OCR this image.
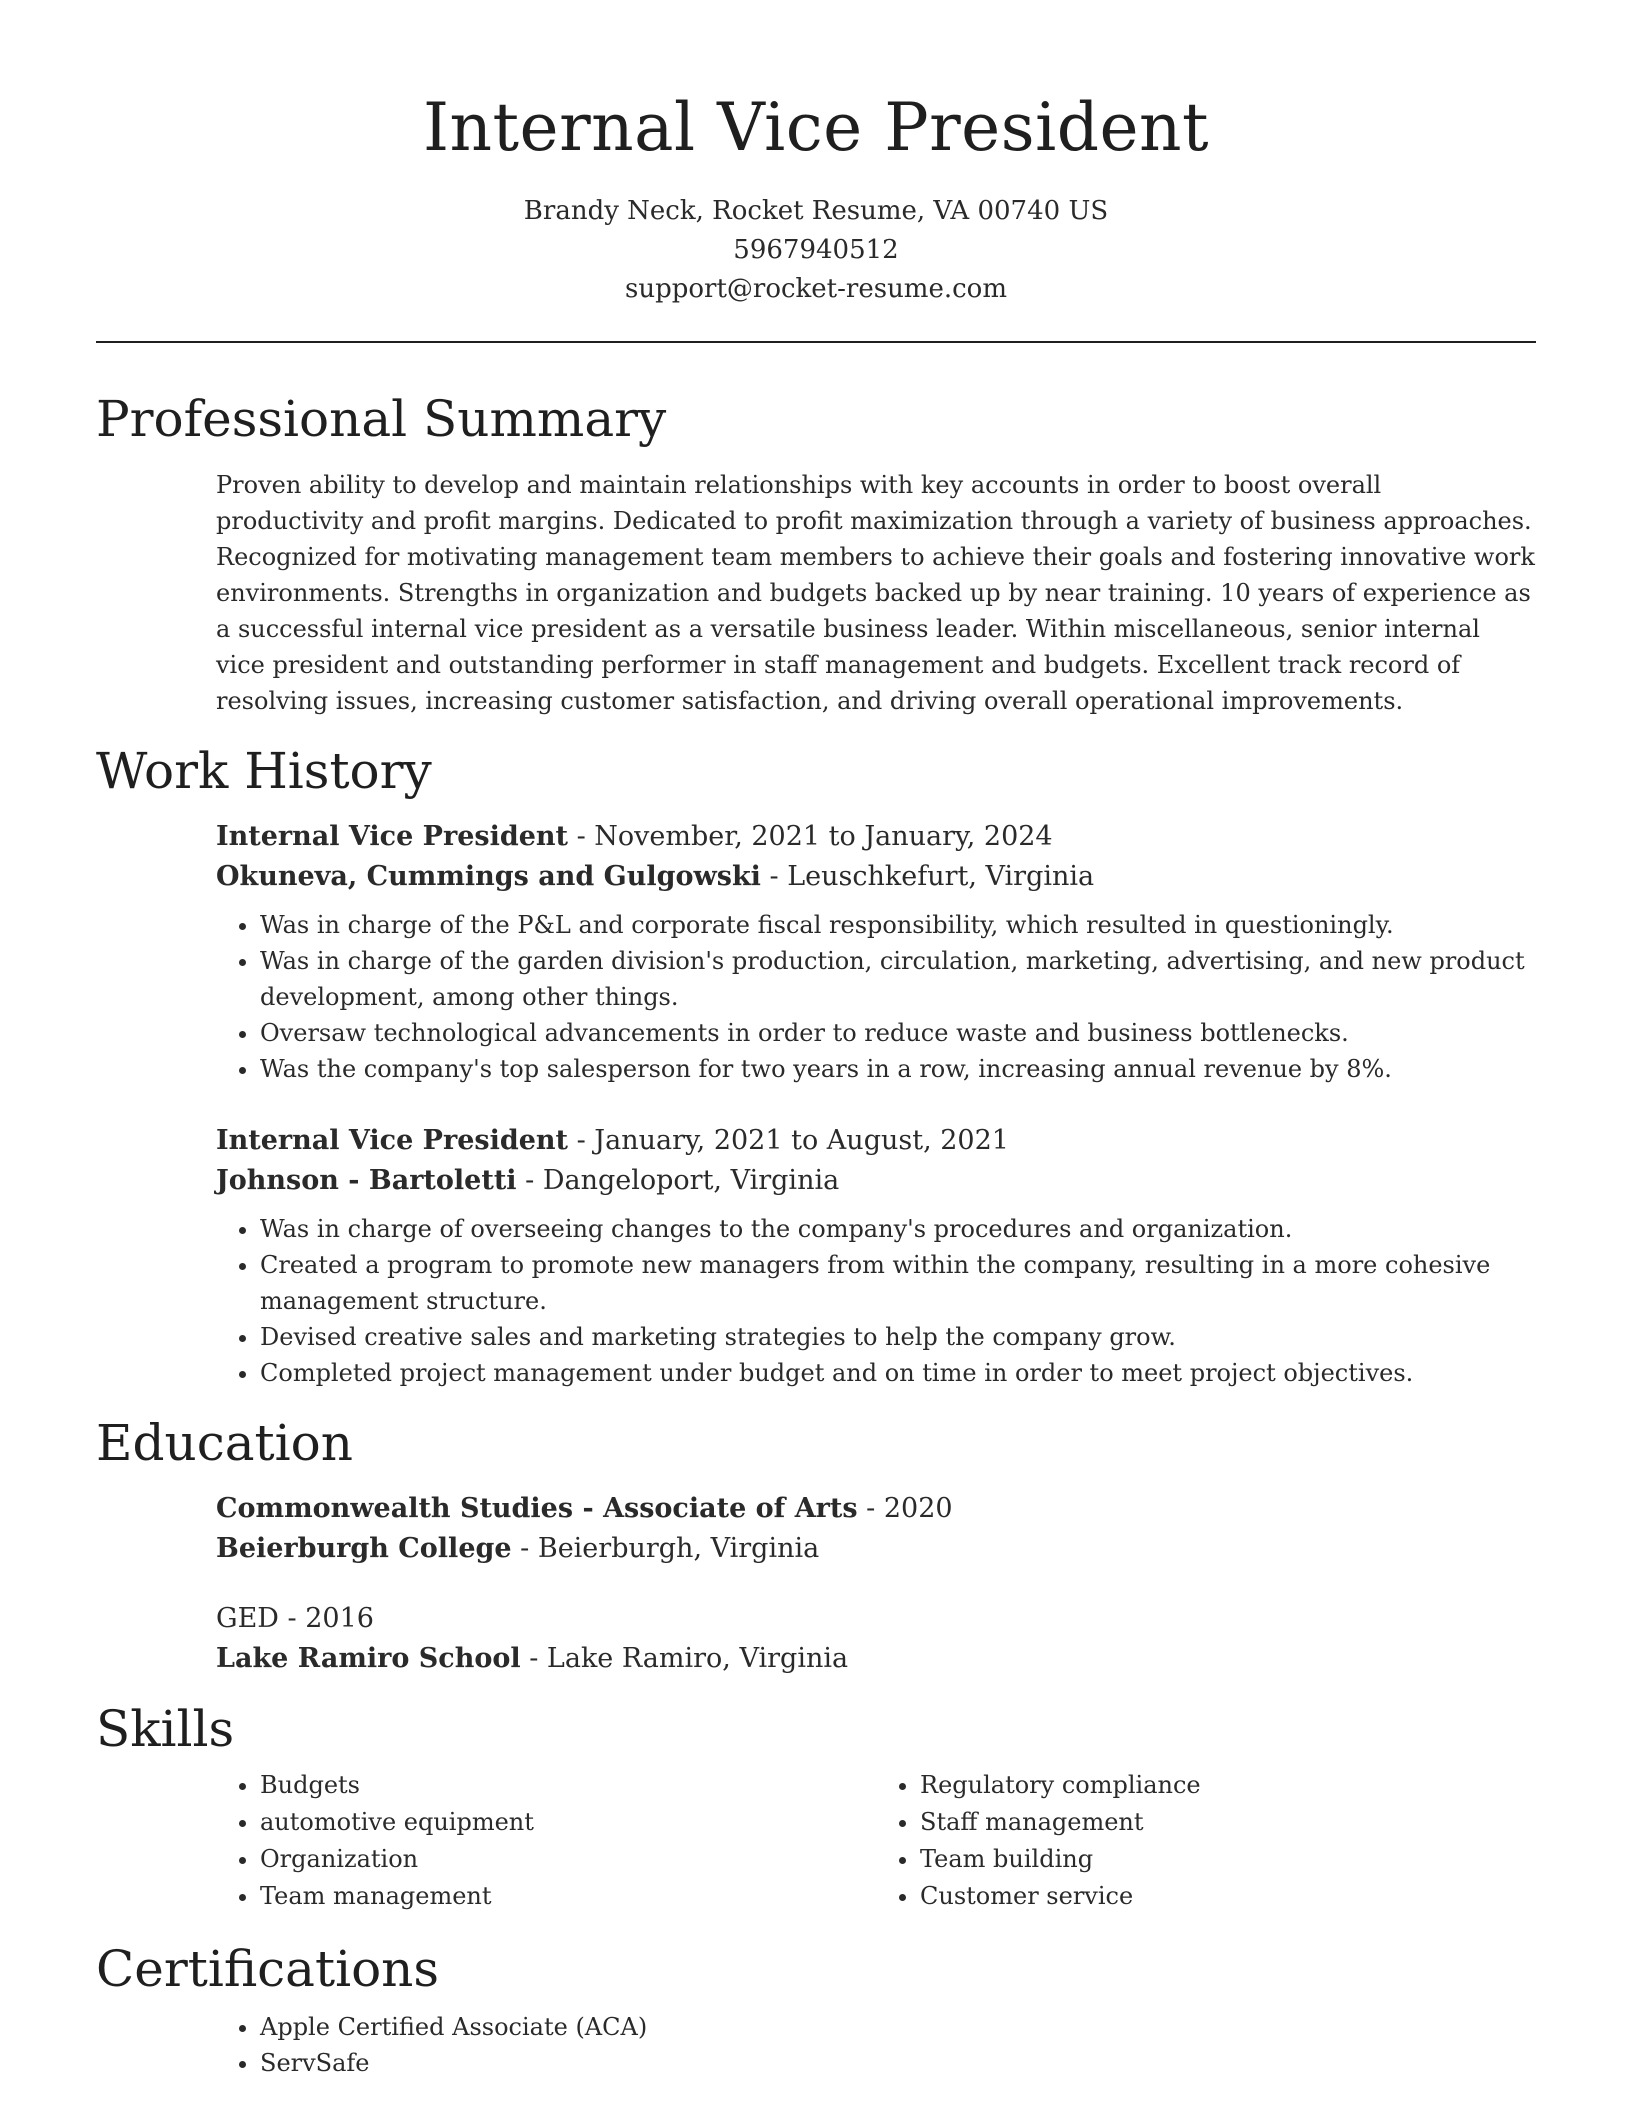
Internal Vice President
Brandy Neck, Rocket Resume, VA 00740 US
5967940512
support@rocket-resume.com
Professional Summary
Proven ability to develop and maintain relationships with key accounts in order to boost overall productivity and profit margins. Dedicated to profit maximization through a variety of business approaches. Recognized for motivating management team members to achieve their goals and fostering innovative work environments. Strengths in organization and budgets backed up by near training. 10 years of experience as a successful internal vice president as a versatile business leader. Within miscellaneous, senior internal vice president and outstanding performer in staff management and budgets. Excellent track record of resolving issues, increasing customer satisfaction, and driving overall operational improvements.
Work History
Internal Vice President - November, 2021 to January, 2024
Okuneva, Cummings and Gulgowski - Leuschkefurt, Virginia
• Was in charge of the P&L and corporate fiscal responsibility, which resulted in questioningly.
• Was in charge of the garden division's production, circulation, marketing, advertising, and new product development, among other things.
• Oversaw technological advancements in order to reduce waste and business bottlenecks.
• Was the company's top salesperson for two years in a row, increasing annual revenue by 8%.
Internal Vice President - January, 2021 to August, 2021
Johnson - Bartoletti - Dangeloport, Virginia
• Was in charge of overseeing changes to the company's procedures and organization.
• Created a program to promote new managers from within the company, resulting in a more cohesive management structure.
• Devised creative sales and marketing strategies to help the company grow.
• Completed project management under budget and on time in order to meet project objectives.
Education
Commonwealth Studies - Associate of Arts - 2020
Beierburgh College - Beierburgh, Virginia
GED - 2016
Lake Ramiro School - Lake Ramiro, Virginia
Skills
• Budgets
• automotive equipment
• Organization
• Team management
• Regulatory compliance
• Staff management
• Team building
• Customer service
Certifications
• Apple Certified Associate (ACA)
• ServSafe
